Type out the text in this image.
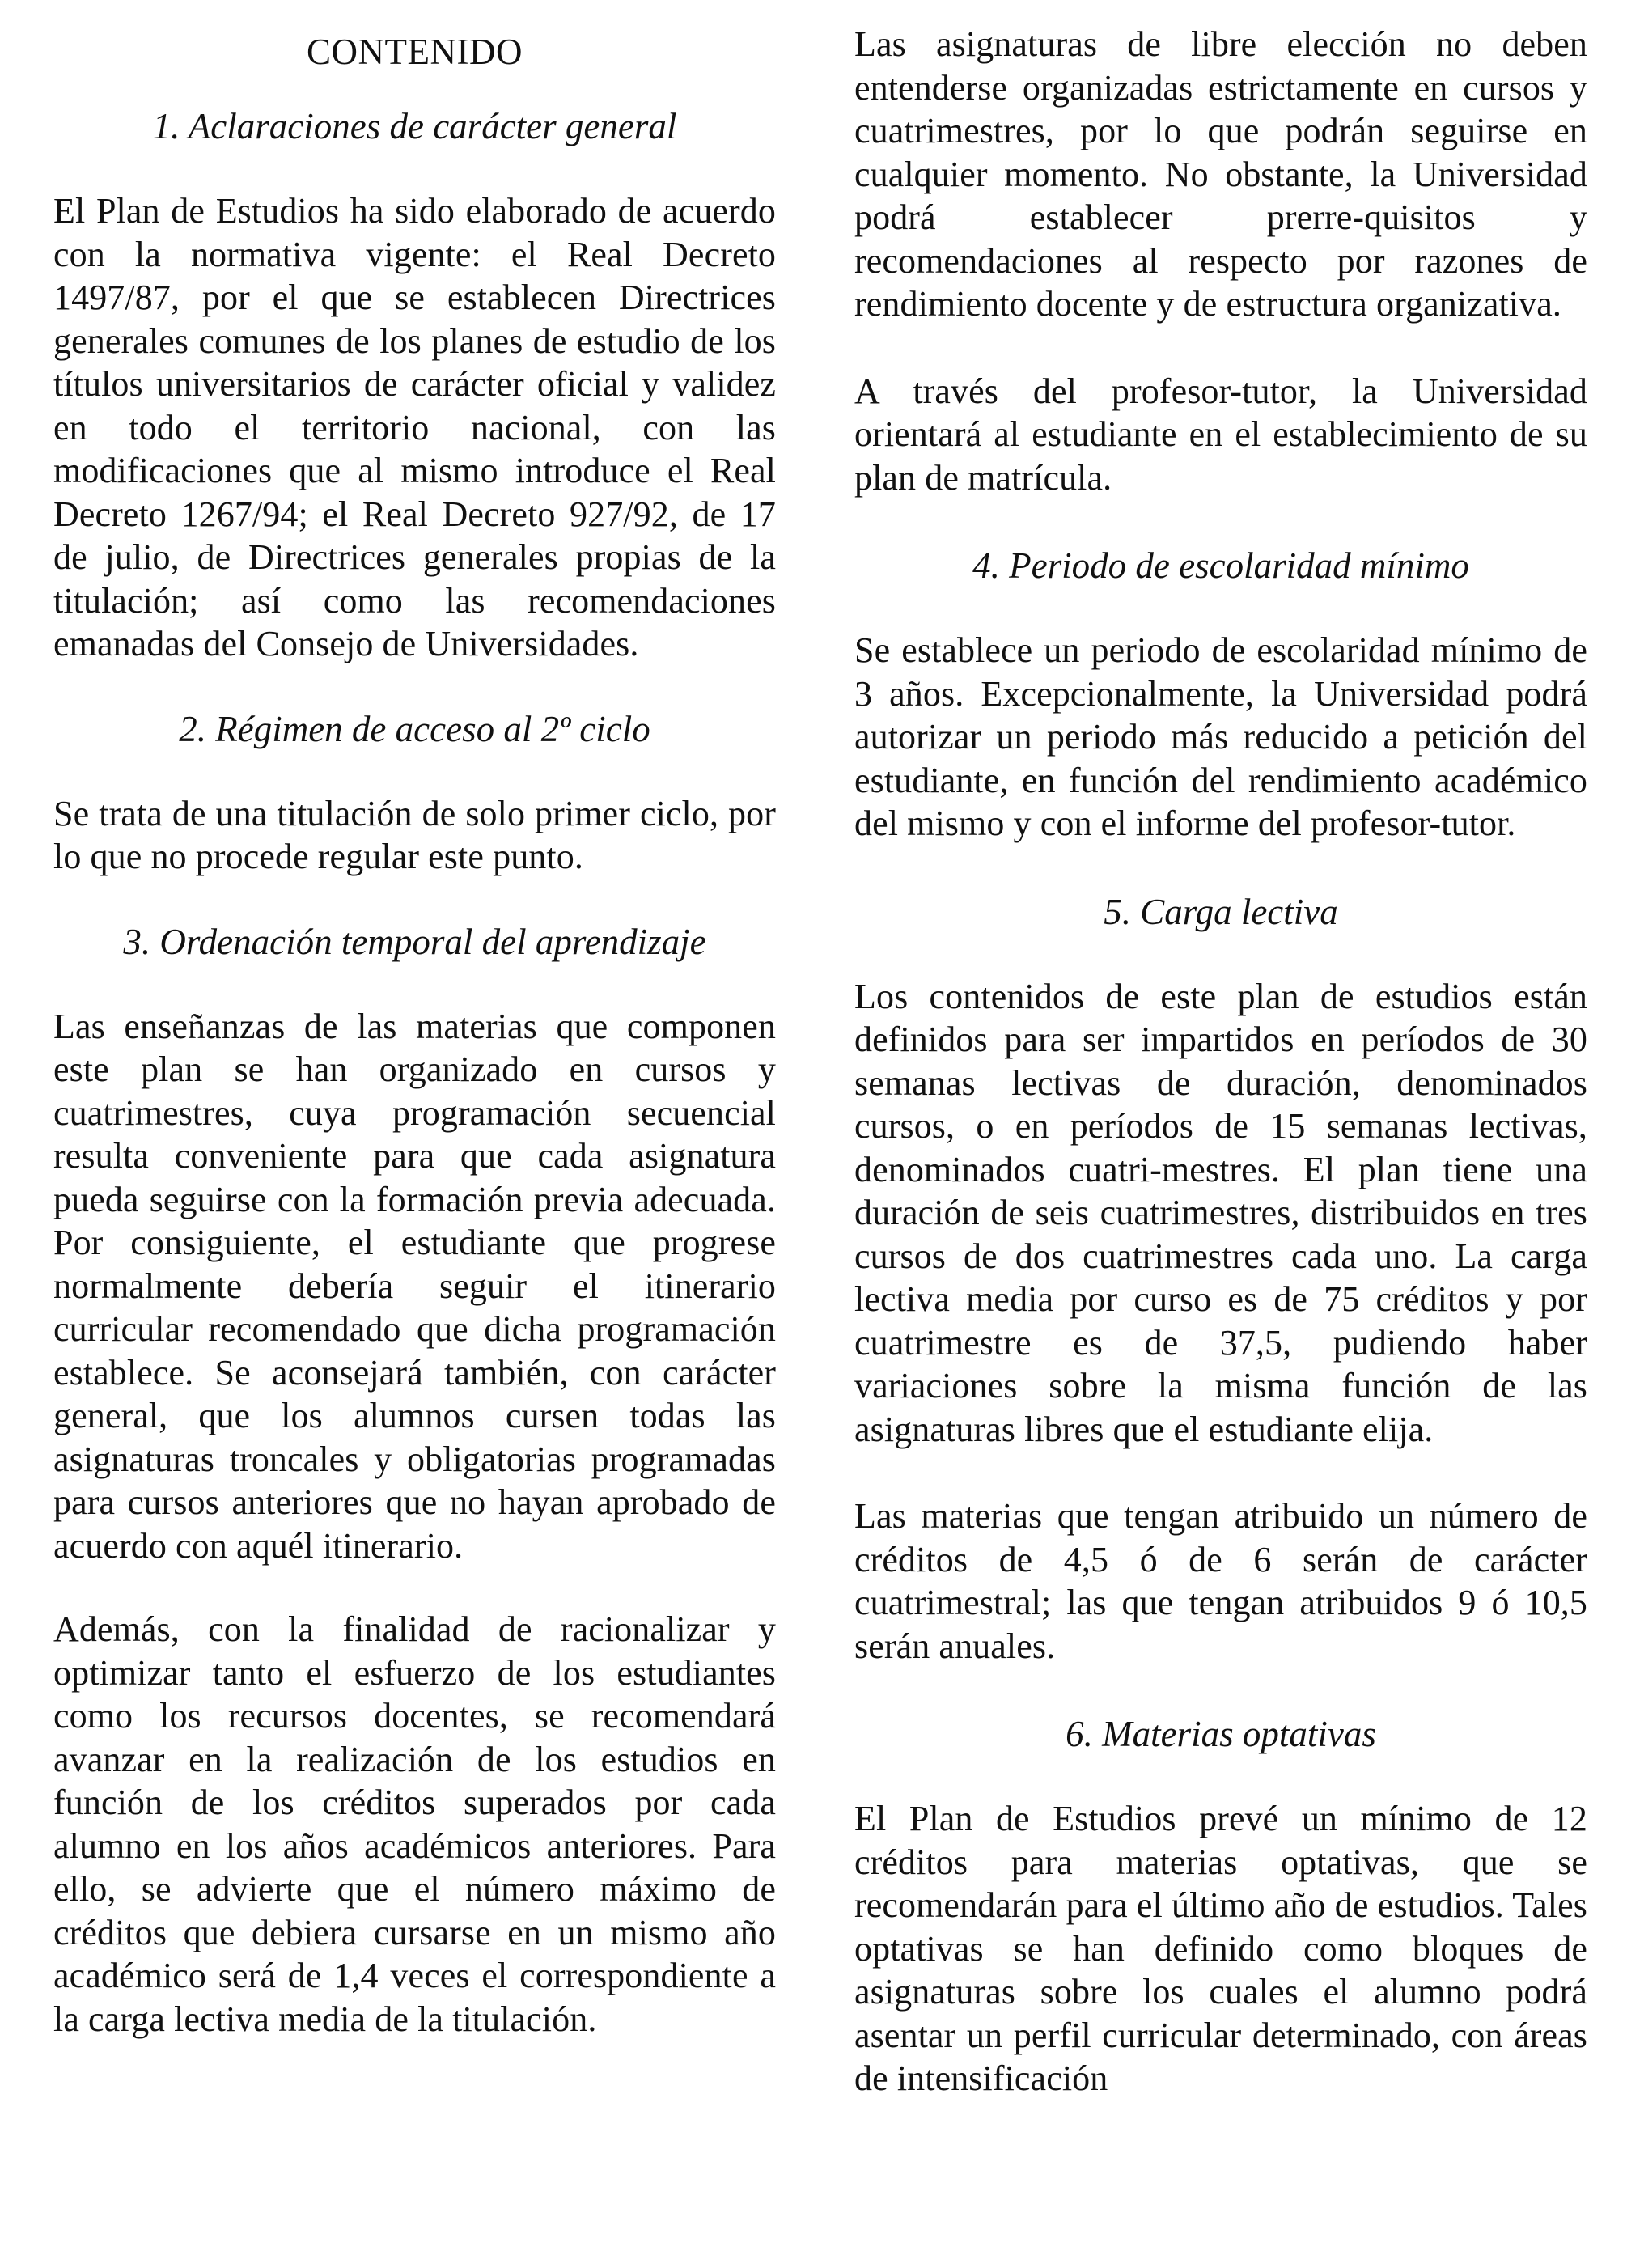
CONTENIDO
1. Aclaraciones de carácter general

El Plan de Estudios ha sido elaborado de acuerdo con la normativa vigente: el Real Decreto 1497/87, por el que se establecen Directrices generales comunes de los planes de estudio de los títulos universitarios de carácter oficial y validez en todo el territorio nacional, con las modificaciones que al mismo introduce el Real Decreto 1267/94; el Real Decreto 927/92, de 17 de julio, de Directrices generales propias de la titulación; así como las recomendaciones emanadas del Consejo de Universidades.

2. Régimen de acceso al 2º ciclo

Se trata de una titulación de solo primer ciclo, por lo que no procede regular este punto.

3. Ordenación temporal del aprendizaje

Las enseñanzas de las materias que componen este plan se han organizado en cursos y cuatrimestres, cuya programación secuencial resulta conveniente para que cada asignatura pueda seguirse con la formación previa adecuada. Por consiguiente, el estudiante que progrese normalmente debería seguir el itinerario curricular recomendado que dicha programación establece. Se aconsejará también, con carácter general, que los alumnos cursen todas las asignaturas troncales y obligatorias programadas para cursos anteriores que no hayan aprobado de acuerdo con aquél itinerario.

Además, con la finalidad de racionalizar y optimizar tanto el esfuerzo de los estudiantes como los recursos docentes, se recomendará avanzar en la realización de los estudios en función de los créditos superados por cada alumno en los años académicos anteriores. Para ello, se advierte que el número máximo de créditos que debiera cursarse en un mismo año académico será de 1,4 veces el correspondiente a la carga lectiva media de la titulación.

Las asignaturas de libre elección no deben entenderse organizadas estrictamente en cursos y cuatrimestres, por lo que podrán seguirse en cualquier momento. No obstante, la Universidad podrá establecer prerre-quisitos y recomendaciones al respecto por razones de rendimiento docente y de estructura organizativa.

A través del profesor-tutor, la Universidad orientará al estudiante en el establecimiento de su plan de matrícula.

4. Periodo de escolaridad mínimo

Se establece un periodo de escolaridad mínimo de 3 años. Excepcionalmente, la Universidad podrá autorizar un periodo más reducido a petición del estudiante, en función del rendimiento académico del mismo y con el informe del profesor-tutor.

5. Carga lectiva

Los contenidos de este plan de estudios están definidos para ser impartidos en períodos de 30 semanas lectivas de duración, denominados cursos, o en períodos de 15 semanas lectivas, denominados cuatri-mestres. El plan tiene una duración de seis cuatrimestres, distribuidos en tres cursos de dos cuatrimestres cada uno. La carga lectiva media por curso es de 75 créditos y por cuatrimestre es de 37,5, pudiendo haber variaciones sobre la misma función de las asignaturas libres que el estudiante elija.

Las materias que tengan atribuido un número de créditos de 4,5 ó de 6 serán de carácter cuatrimestral; las que tengan atribuidos 9 ó 10,5 serán anuales.

6. Materias optativas

El Plan de Estudios prevé un mínimo de 12 créditos para materias optativas, que se recomendarán para el último año de estudios. Tales optativas se han definido como bloques de asignaturas sobre los cuales el alumno podrá asentar un perfil curricular determinado, con áreas de intensificación
